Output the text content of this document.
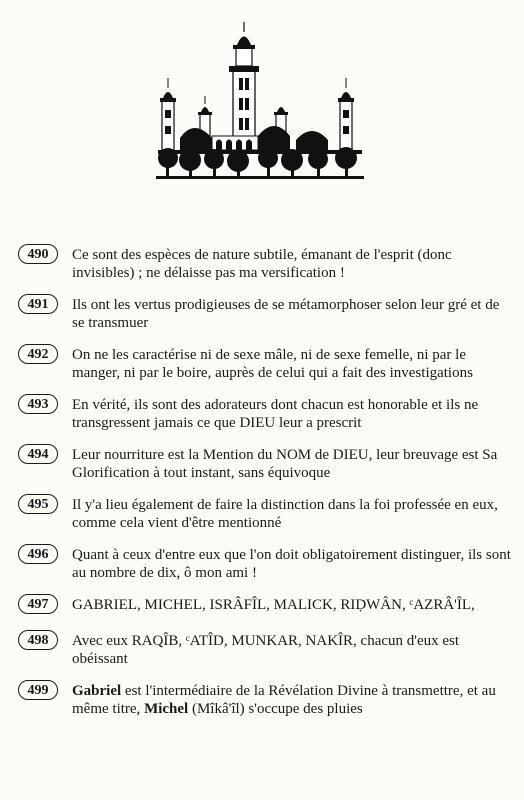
490	Ce sont des espèces de nature subtile, émanant de l'esprit (donc invisibles) ; ne délaisse pas ma versification !
491	Ils ont les vertus prodigieuses de se métamorphoser selon leur gré et de se transmuer
492	On ne les caractérise ni de sexe mâle, ni de sexe femelle, ni par le manger, ni par le boire, auprès de celui qui a fait des investigations
493	En vérité, ils sont des adorateurs dont chacun est honorable et ils ne transgressent jamais ce que DIEU leur a prescrit
494	Leur nourriture est la Mention du NOM de DIEU, leur breuvage est Sa Glorification à tout instant, sans équivoque
495	Il y'a lieu également de faire la distinction dans la foi professée en eux, comme cela vient d'être mentionné
496	Quant à ceux d'entre eux que l'on doit obligatoirement distinguer, ils sont au nombre de dix, ô mon ami !
497	GABRIEL, MICHEL, ISRÂFÎL, MALICK, RIḌWÂN, ᶜAZRÂ'ÎL,
498	Avec eux RAQÎB, ᶜATÎD, MUNKAR, NAKÎR, chacun d'eux est obéissant
499	Gabriel est l'intermédiaire de la Révélation Divine à transmettre, et au même titre, Michel (Mîkâ'îl) s'occupe des pluies
